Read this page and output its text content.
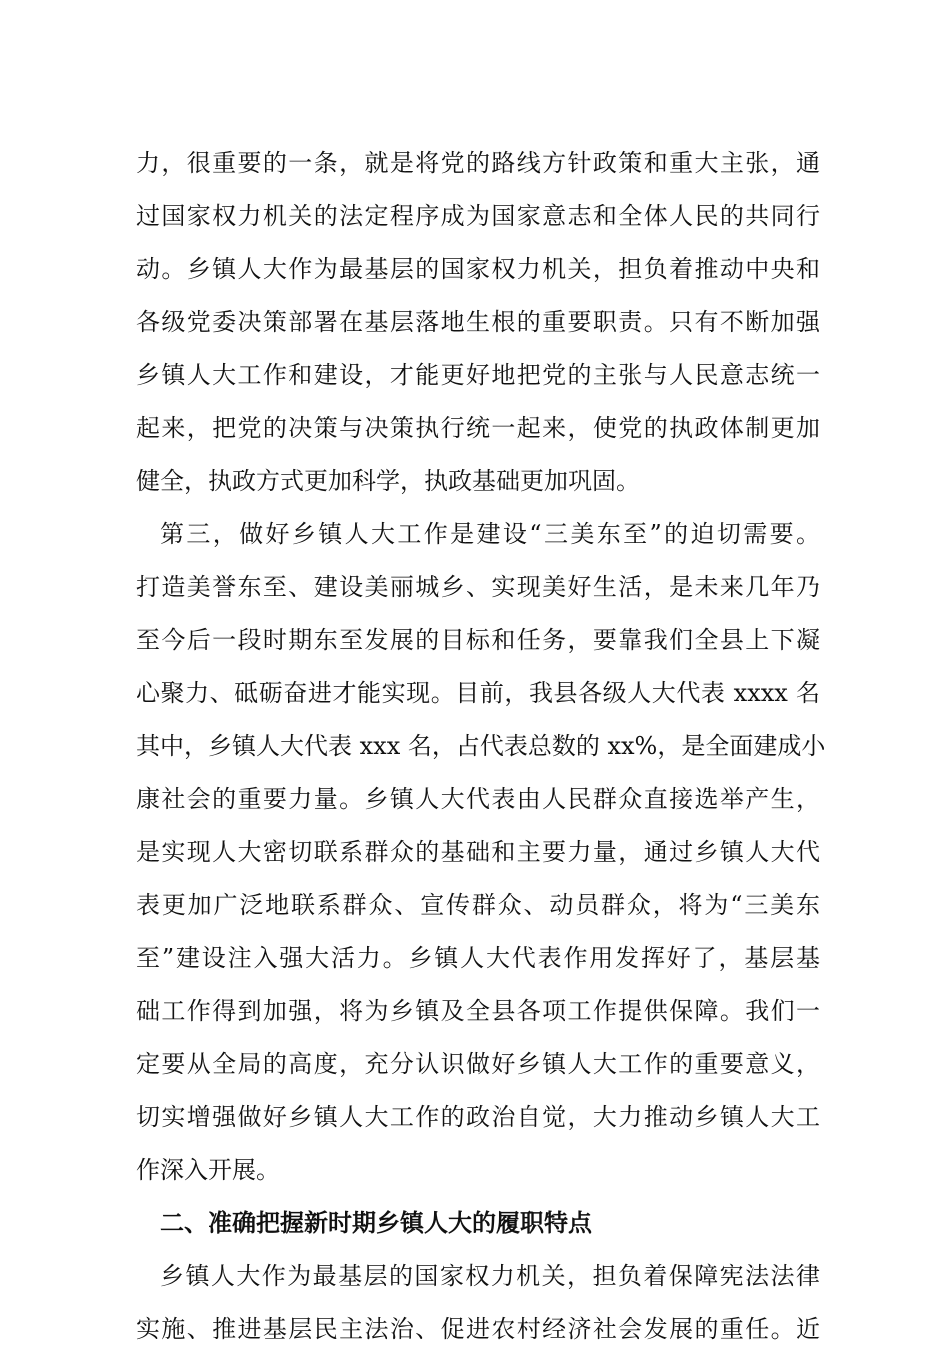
力，很重要的一条，就是将党的路线方针政策和重大主张，通

过国家权力机关的法定程序成为国家意志和全体人民的共同行

动。乡镇人大作为最基层的国家权力机关，担负着推动中央和

各级党委决策部署在基层落地生根的重要职责。只有不断加强

乡镇人大工作和建设，才能更好地把党的主张与人民意志统一

起来，把党的决策与决策执行统一起来，使党的执政体制更加

健全，执政方式更加科学，执政基础更加巩固。

第三，做好乡镇人大工作是建设“三美东至”的迫切需要。

打造美誉东至、建设美丽城乡、实现美好生活，是未来几年乃

至今后一段时期东至发展的目标和任务，要靠我们全县上下凝

心聚力、砥砺奋进才能实现。目前，我县各级人大代表 xxxx 名

其中，乡镇人大代表 xxx 名，占代表总数的 xx%，是全面建成小

康社会的重要力量。乡镇人大代表由人民群众直接选举产生，

是实现人大密切联系群众的基础和主要力量，通过乡镇人大代

表更加广泛地联系群众、宣传群众、动员群众，将为“三美东

至”建设注入强大活力。乡镇人大代表作用发挥好了，基层基

础工作得到加强，将为乡镇及全县各项工作提供保障。我们一

定要从全局的高度，充分认识做好乡镇人大工作的重要意义，

切实增强做好乡镇人大工作的政治自觉，大力推动乡镇人大工

作深入开展。

二、准确把握新时期乡镇人大的履职特点

乡镇人大作为最基层的国家权力机关，担负着保障宪法法律

实施、推进基层民主法治、促进农村经济社会发展的重任。近
